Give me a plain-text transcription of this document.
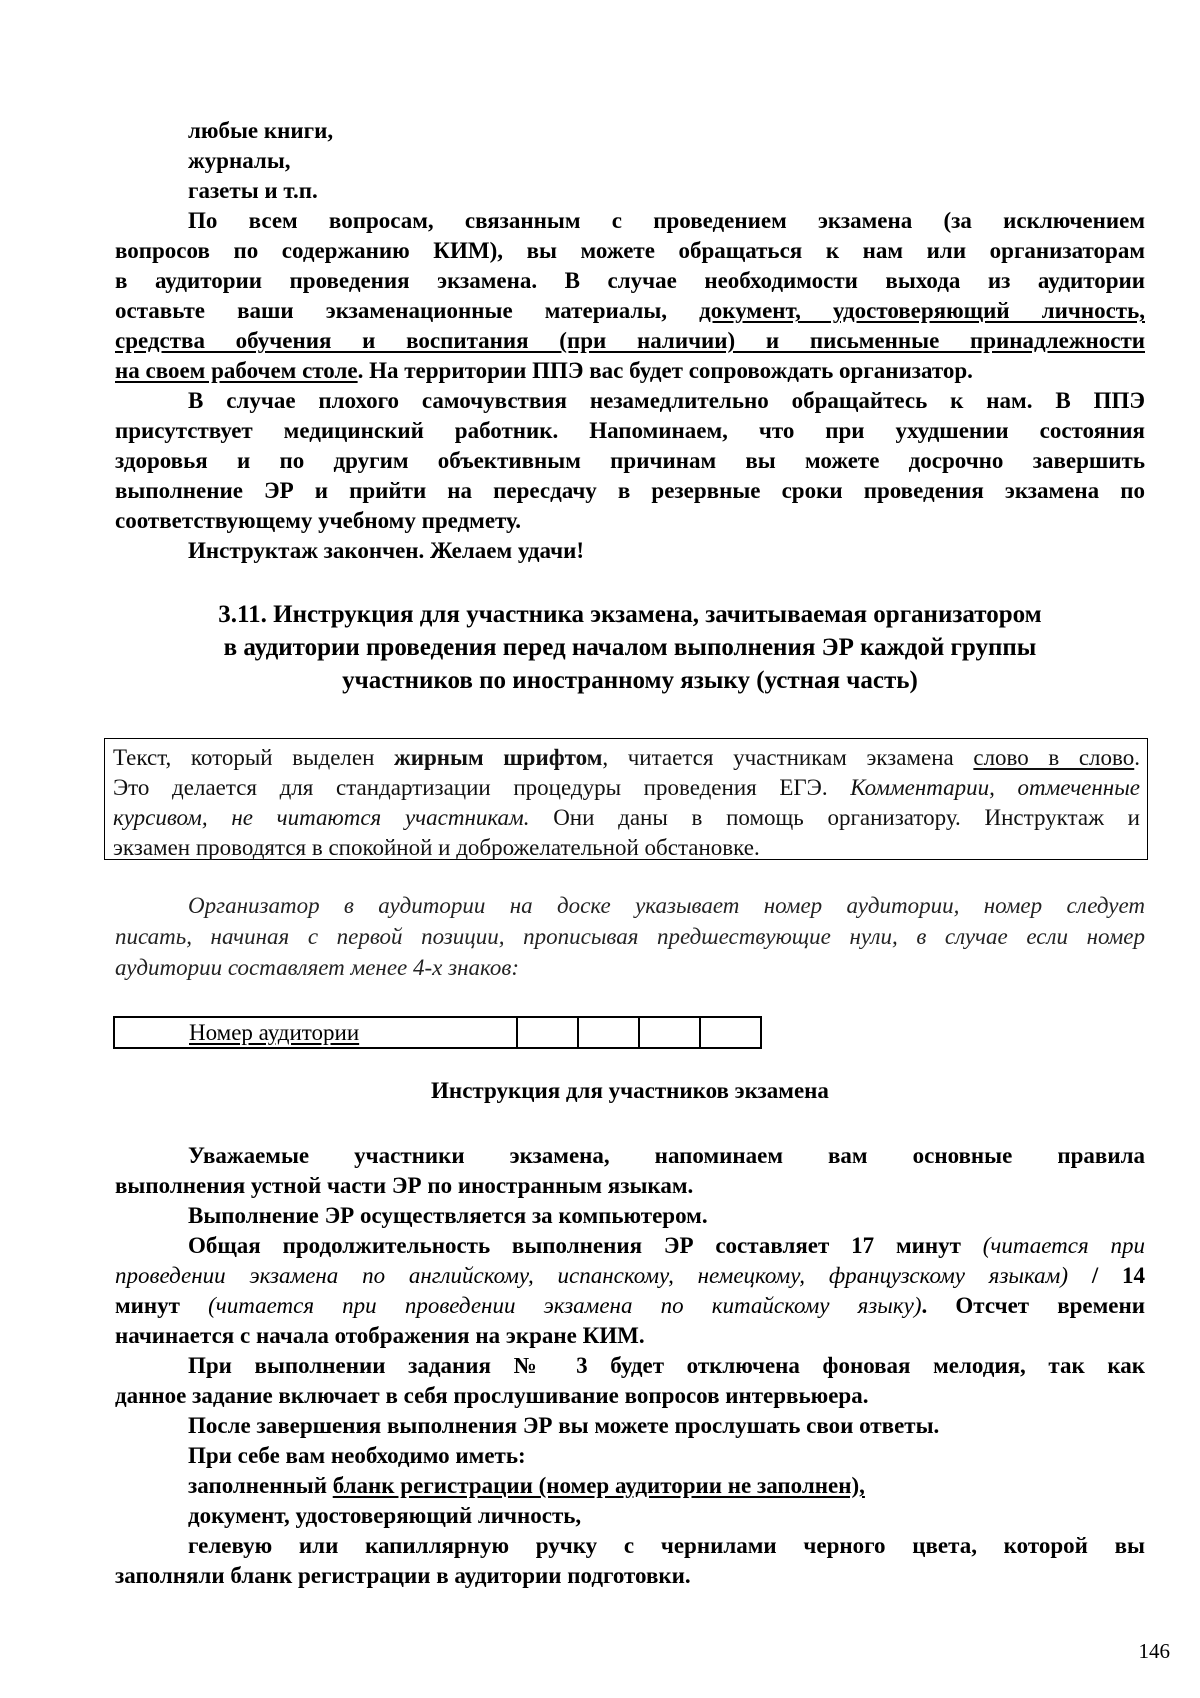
любые книги,

журналы,

газеты и т.п.

По всем вопросам, связанным с проведением экзамена (за исключением

вопросов по содержанию КИМ), вы можете обращаться к нам или организаторам

в аудитории проведения экзамена. В случае необходимости выхода из аудитории

оставьте ваши экзаменационные материалы, документ, удостоверяющий личность,

средства обучения и воспитания (при наличии) и письменные принадлежности

на своем рабочем столе. На территории ППЭ вас будет сопровождать организатор.

В случае плохого самочувствия незамедлительно обращайтесь к нам. В ППЭ

присутствует медицинский работник. Напоминаем, что при ухудшении состояния

здоровья и по другим объективным причинам вы можете досрочно завершить

выполнение ЭР и прийти на пересдачу в резервные сроки проведения экзамена по

соответствующему учебному предмету.

Инструктаж закончен. Желаем удачи!

3.11. Инструкция для участника экзамена, зачитываемая организатором
в аудитории проведения перед началом выполнения ЭР каждой группы
участников по иностранному языку (устная часть)

Текст, который выделен жирным шрифтом, читается участникам экзамена слово в слово.

Это делается для стандартизации процедуры проведения ЕГЭ. Комментарии, отмеченные

курсивом, не читаются участникам. Они даны в помощь организатору. Инструктаж и

экзамен проводятся в спокойной и доброжелательной обстановке.

Организатор в аудитории на доске указывает номер аудитории, номер следует

писать, начиная с первой позиции, прописывая предшествующие нули, в случае если номер

аудитории составляет менее 4-х знаков:

Номер аудитории				
Инструкция для участников экзамена

Уважаемые участники экзамена, напоминаем вам основные правила

выполнения устной части ЭР по иностранным языкам.

Выполнение ЭР осуществляется за компьютером.

Общая продолжительность выполнения ЭР составляет 17 минут (читается при

проведении экзамена по английскому, испанскому, немецкому, французскому языкам) / 14

минут (читается при проведении экзамена по китайскому языку). Отсчет времени

начинается с начала отображения на экране КИМ.

При выполнении задания № 3 будет отключена фоновая мелодия, так как

данное задание включает в себя прослушивание вопросов интервьюера.

После завершения выполнения ЭР вы можете прослушать свои ответы.

При себе вам необходимо иметь:

заполненный бланк регистрации (номер аудитории не заполнен),

документ, удостоверяющий личность,

гелевую или капиллярную ручку с чернилами черного цвета, которой вы

заполняли бланк регистрации в аудитории подготовки.

146
